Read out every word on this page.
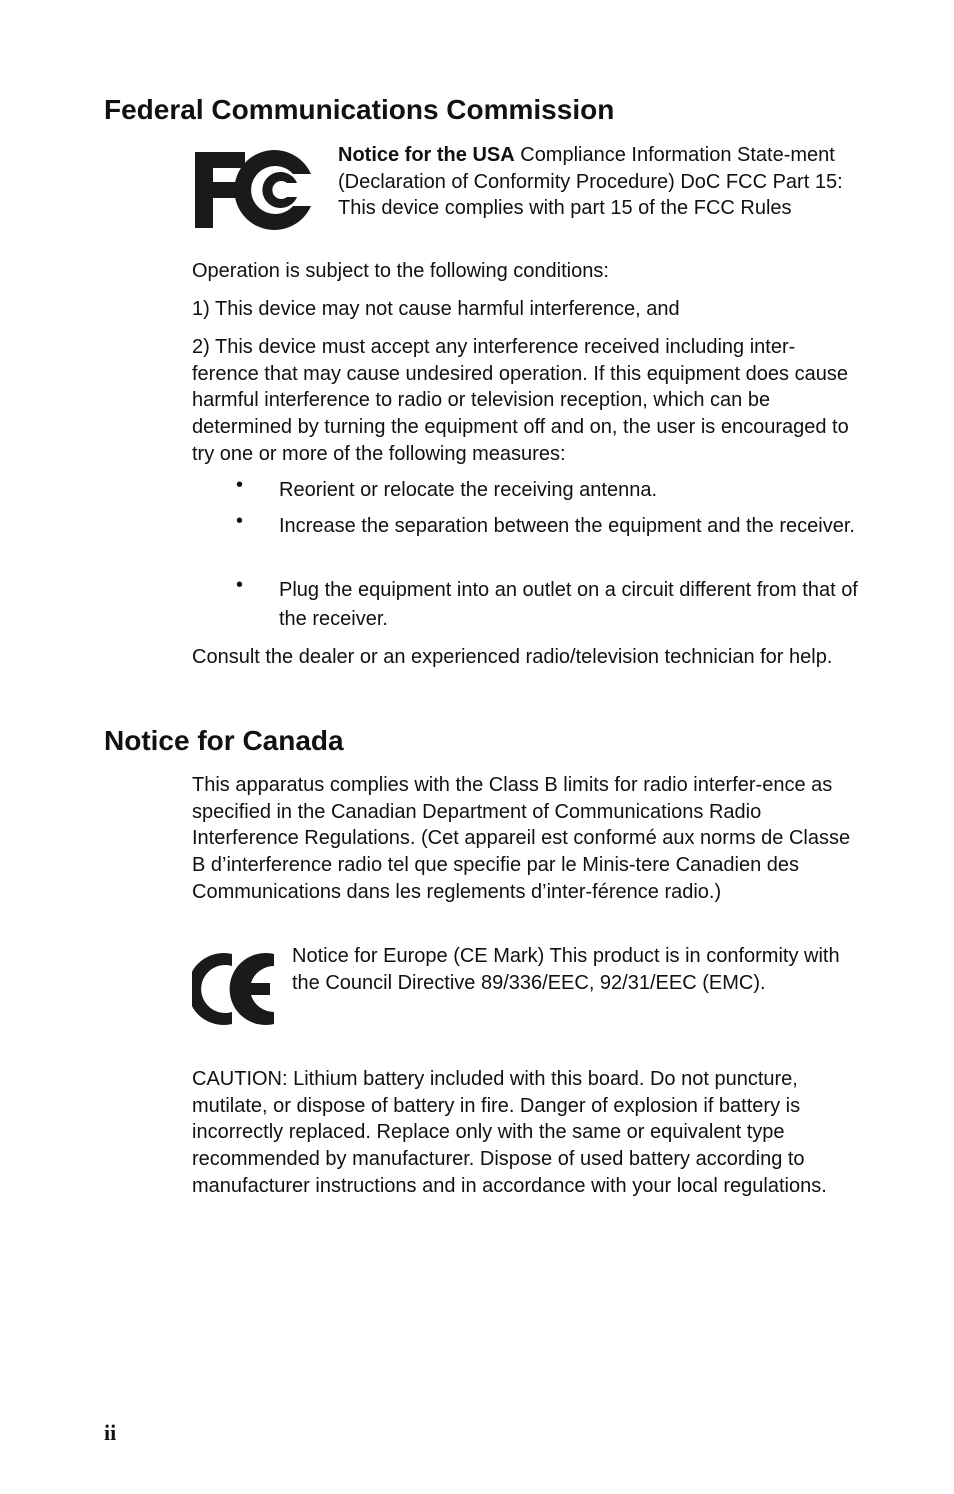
Federal Communications Commission

Notice for the USA Compliance Information State-ment (Declaration of Conformity Procedure) DoC FCC Part 15: This device complies with part 15 of the FCC Rules

Operation is subject to the following conditions:

1) This device may not cause harmful interference, and

2) This device must accept any interference received including inter-ference that may cause undesired operation. If this equipment does cause harmful interference to radio or television reception, which can be determined by turning the equipment off and on, the user is encouraged to try one or more of the following measures:

• Reorient or relocate the receiving antenna.
• Increase the separation between the equipment and the receiver.
• Plug the equipment into an outlet on a circuit different from that of the receiver.

Consult the dealer or an experienced radio/television technician for help.

Notice for Canada

This apparatus complies with the Class B limits for radio interfer-ence as specified in the Canadian Department of Communications Radio Interference Regulations. (Cet appareil est conformé aux norms de Classe B d’interference radio tel que specifie par le Minis-tere Canadien des Communications dans les reglements d’inter-férence radio.)

Notice for Europe (CE Mark) This product is in conformity with the Council Directive 89/336/EEC, 92/31/EEC (EMC).

CAUTION: Lithium battery included with this board. Do not puncture, mutilate, or dispose of battery in fire. Danger of explosion if battery is incorrectly replaced. Replace only with the same or equivalent type recommended by manufacturer. Dispose of used battery according to manufacturer instructions and in accordance with your local regulations.

ii
